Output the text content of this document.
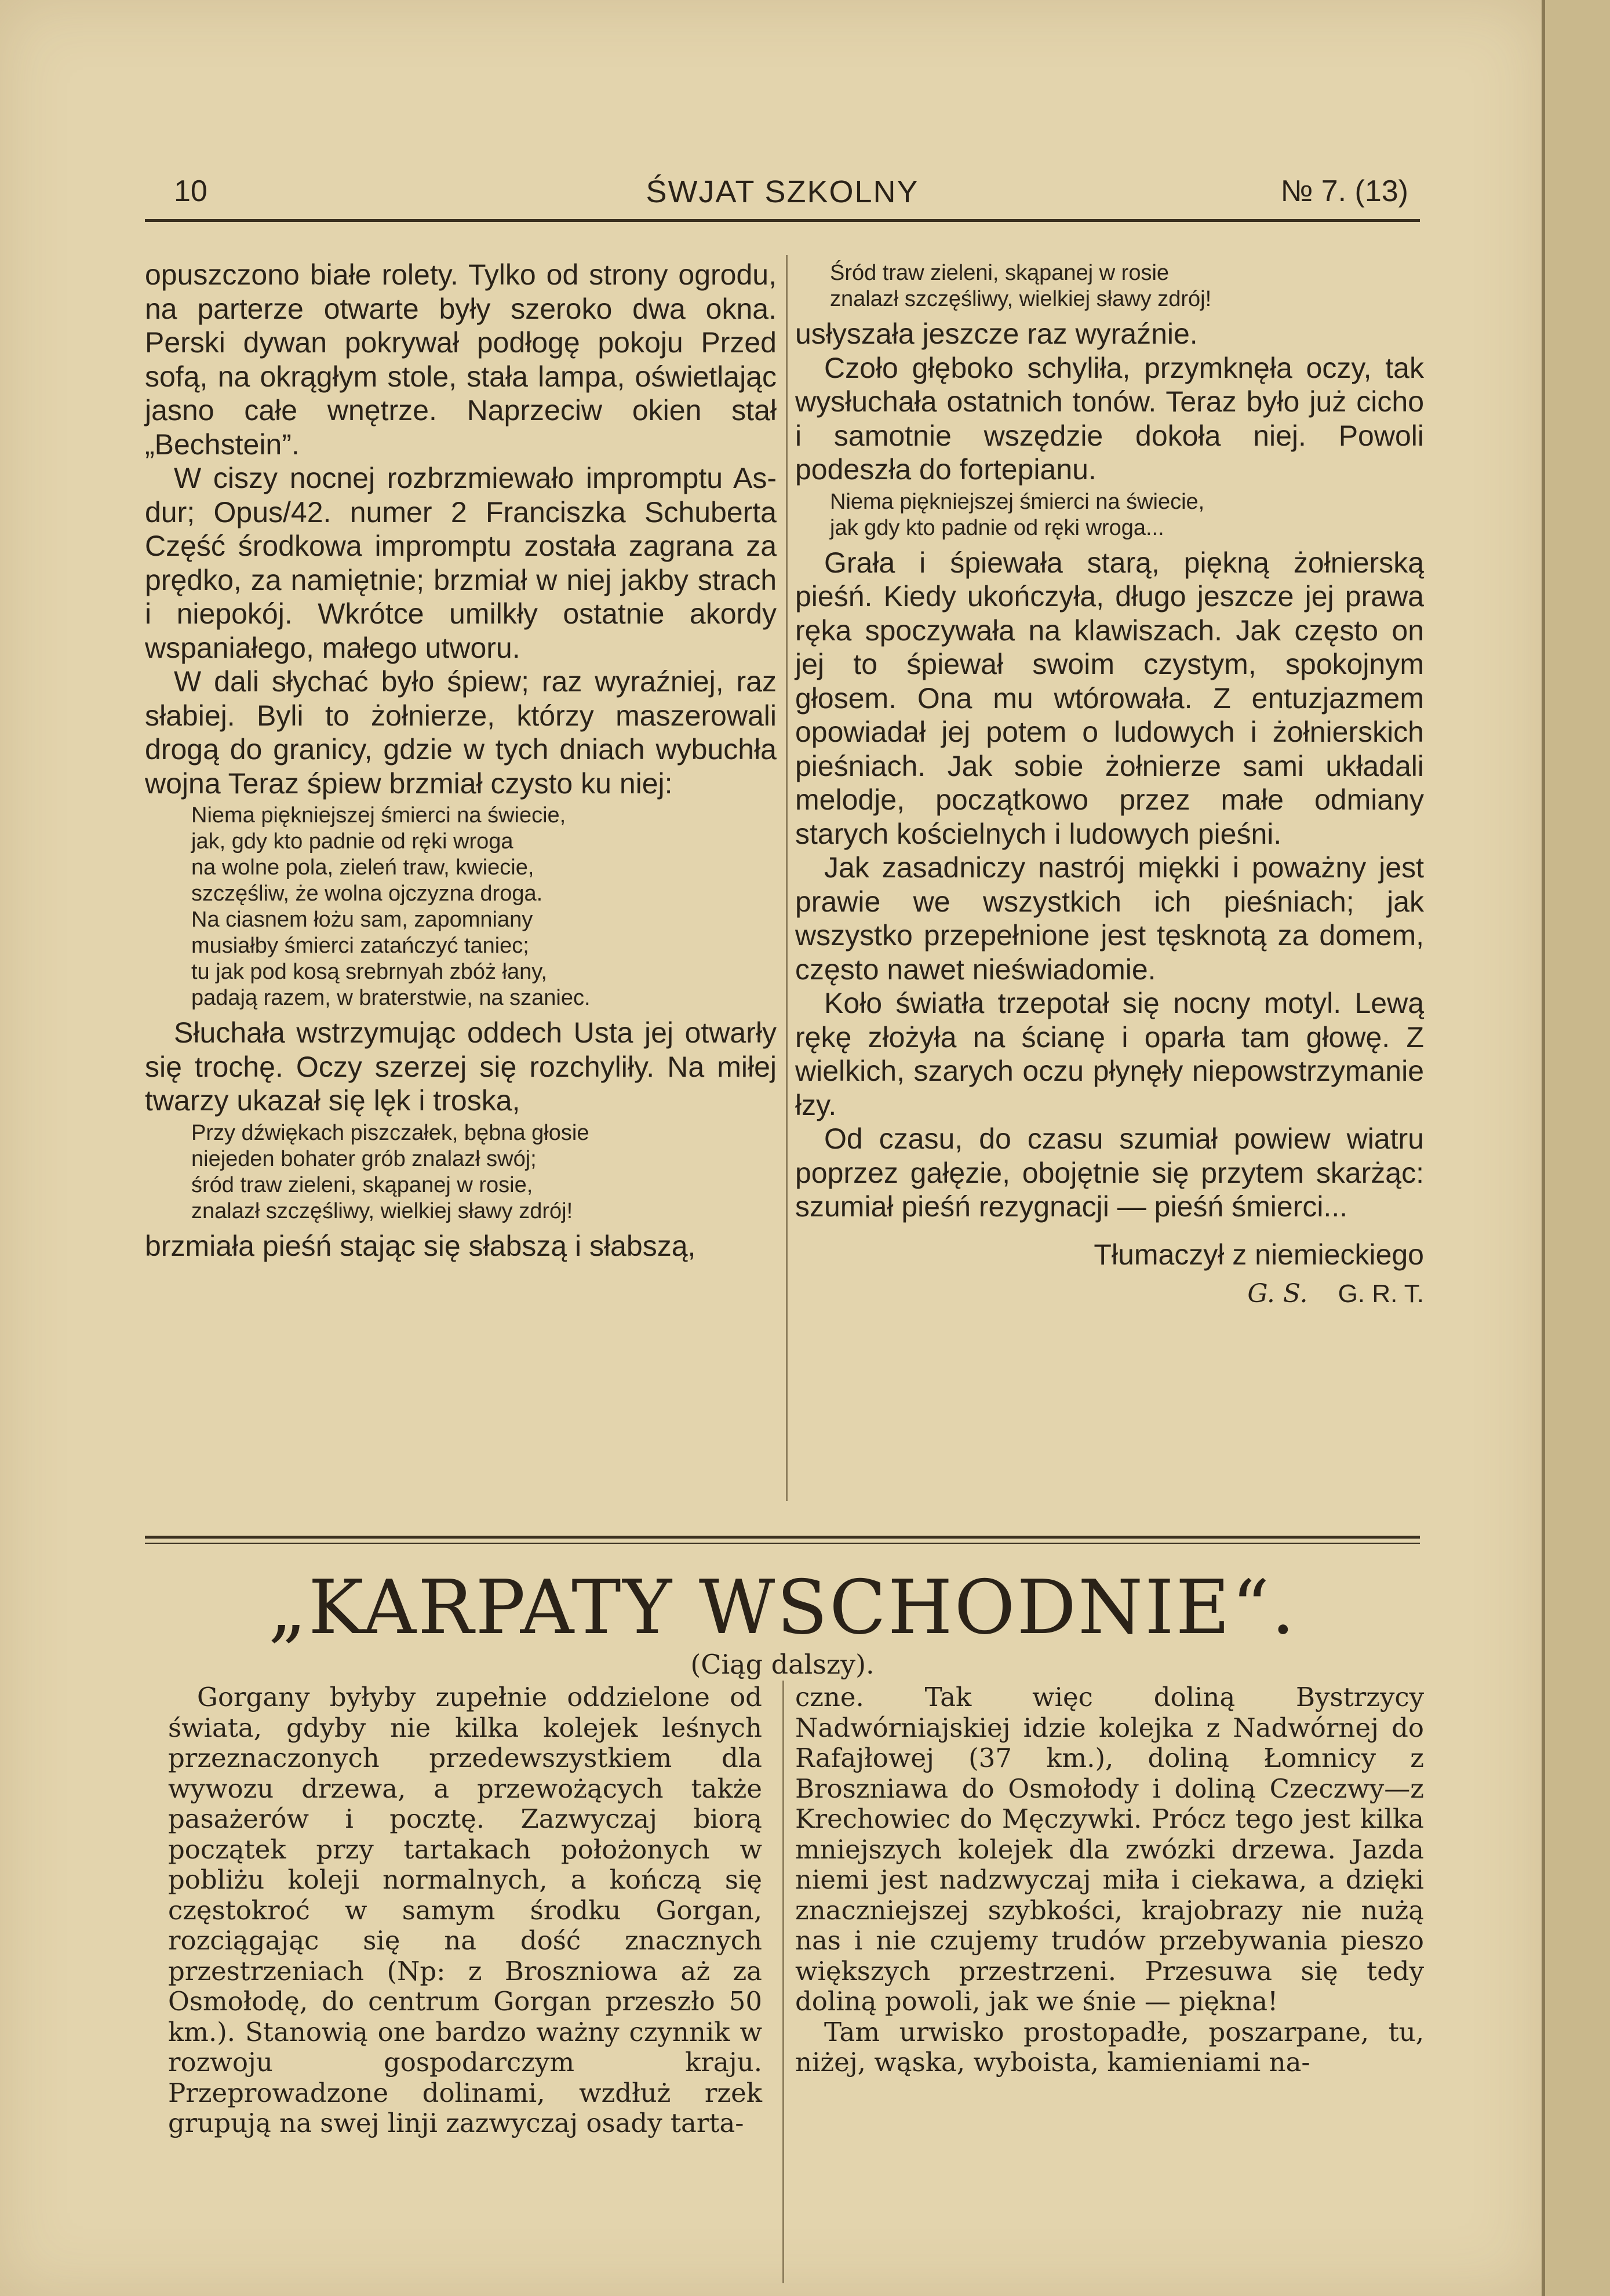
10	ŚWJAT SZKOLNY	№ 7. (13)

opuszczono białe rolety. Tylko od strony ogrodu, na parterze otwarte były szeroko dwa okna. Perski dywan pokrywał podłogę pokoju Przed sofą, na okrągłym stole, stała lampa, oświetlając jasno całe wnętrze. Naprzeciw okien stał „Bechstein”.

W ciszy nocnej rozbrzmiewało impromptu As-dur; Opus/42. numer 2 Franciszka Schuberta Część środkowa impromptu została zagrana za prędko, za namiętnie; brzmiał w niej jakby strach i niepokój. Wkrótce umilkły ostatnie akordy wspaniałego, małego utworu.

W dali słychać było śpiew; raz wyraźniej, raz słabiej. Byli to żołnierze, którzy maszerowali drogą do granicy, gdzie w tych dniach wybuchła wojna Teraz śpiew brzmiał czysto ku niej:

Niema piękniejszej śmierci na świecie,
jak, gdy kto padnie od ręki wroga
na wolne pola, zieleń traw, kwiecie,
szczęśliw, że wolna ojczyzna droga.
Na ciasnem łożu sam, zapomniany
musiałby śmierci zatańczyć taniec;
tu jak pod kosą srebrnyah zbóż łany,
padają razem, w braterstwie, na szaniec.

Słuchała wstrzymując oddech Usta jej otwarły się trochę. Oczy szerzej się rozchyliły. Na miłej twarzy ukazał się lęk i troska,

Przy dźwiękach piszczałek, bębna głosie
niejeden bohater grób znalazł swój;
śród traw zieleni, skąpanej w rosie,
znalazł szczęśliwy, wielkiej sławy zdrój!

brzmiała pieśń stając się słabszą i słabszą,

Śród traw zieleni, skąpanej w rosie
znalazł szczęśliwy, wielkiej sławy zdrój!

usłyszała jeszcze raz wyraźnie.

Czoło głęboko schyliła, przymknęła oczy, tak wysłuchała ostatnich tonów. Teraz było już cicho i samotnie wszędzie dokoła niej. Powoli podeszła do fortepianu.

Niema piękniejszej śmierci na świecie,
jak gdy kto padnie od ręki wroga...

Grała i śpiewała starą, piękną żołnierską pieśń. Kiedy ukończyła, długo jeszcze jej prawa ręka spoczywała na klawiszach. Jak często on jej to śpiewał swoim czystym, spokojnym głosem. Ona mu wtórowała. Z entuzjazmem opowiadał jej potem o ludowych i żołnierskich pieśniach. Jak sobie żołnierze sami układali melodje, początkowo przez małe odmiany starych kościelnych i ludowych pieśni.

Jak zasadniczy nastrój miękki i poważny jest prawie we wszystkich ich pieśniach; jak wszystko przepełnione jest tęsknotą za domem, często nawet nieświadomie.

Koło światła trzepotał się nocny motyl. Lewą rękę złożyła na ścianę i oparła tam głowę. Z wielkich, szarych oczu płynęły niepowstrzymanie łzy.

Od czasu, do czasu szumiał powiew wiatru poprzez gałęzie, obojętnie się przytem skarżąc: szumiał pieśń rezygnacji — pieśń śmierci...

Tłumaczył z niemieckiego

G. S. G. R. T.
„KARPATY WSCHODNIE“.
(Ciąg dalszy).

Gorgany byłyby zupełnie oddzielone od świata, gdyby nie kilka kolejek leśnych przeznaczonych przedewszystkiem dla wywozu drzewa, a przewożących także pasażerów i pocztę. Zazwyczaj biorą początek przy tartakach położonych w pobliżu koleji normalnych, a kończą się częstokroć w samym środku Gorgan, rozciągając się na dość znacznych przestrzeniach (Np: z Broszniowa aż za Osmołodę, do centrum Gorgan przeszło 50 km.). Stanowią one bardzo ważny czynnik w rozwoju gospodarczym kraju. Przeprowadzone dolinami, wzdłuż rzek grupują na swej linji zazwyczaj osady tarta-

czne. Tak więc doliną Bystrzycy Nadwórniajskiej idzie kolejka z Nadwórnej do Rafajłowej (37 km.), doliną Łomnicy z Broszniawa do Osmołody i doliną Czeczwy—z Krechowiec do Męczywki. Prócz tego jest kilka mniejszych kolejek dla zwózki drzewa. Jazda niemi jest nadzwyczaj miła i ciekawa, a dzięki znaczniejszej szybkości, krajobrazy nie nużą nas i nie czujemy trudów przebywania pieszo większych przestrzeni. Przesuwa się tedy doliną powoli, jak we śnie — piękna!

Tam urwisko prostopadłe, poszarpane, tu, niżej, wąska, wyboista, kamieniami na-
